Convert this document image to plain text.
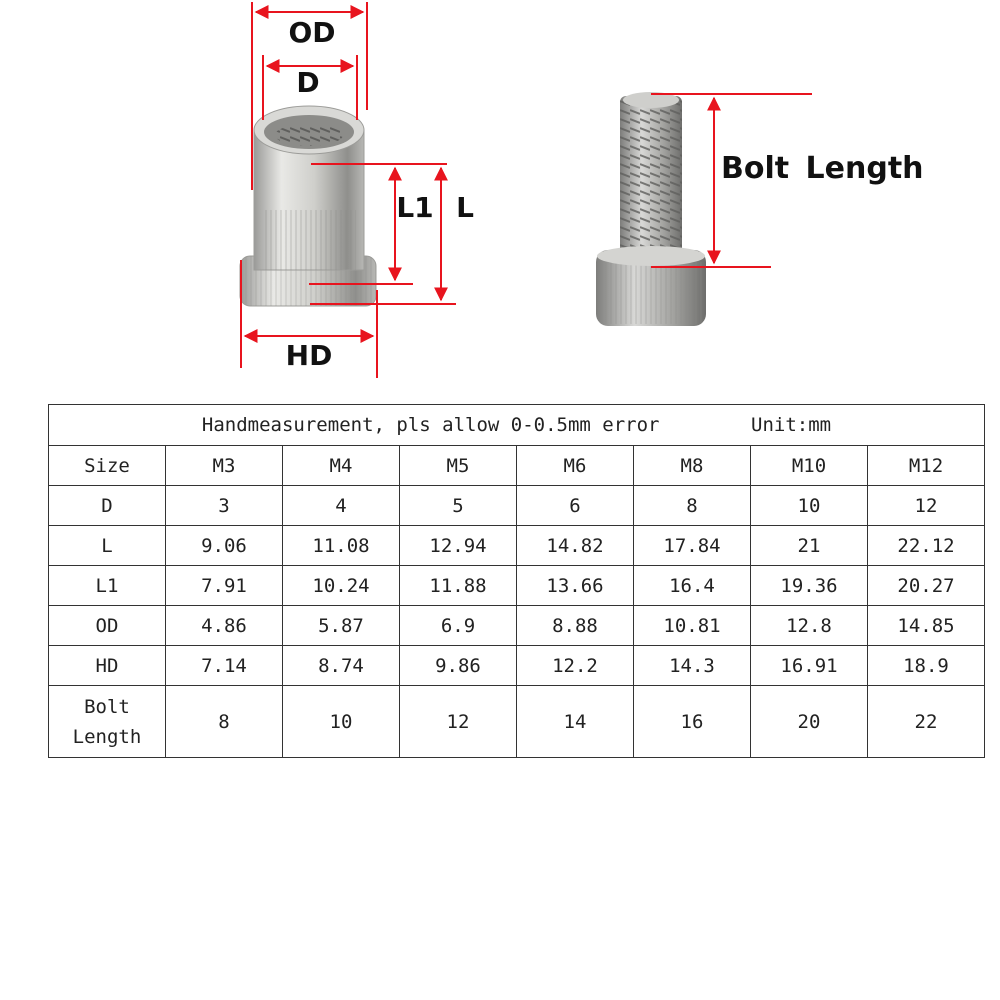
OD
D
L1 L
HD
Bolt Length
Handmeasurement, pls allow 0-0.5mm error Unit:mm							
Size	M3	M4	M5	M6	M8	M10	M12
D	3	4	5	6	8	10	12
L	9.06	11.08	12.94	14.82	17.84	21	22.12
L1	7.91	10.24	11.88	13.66	16.4	19.36	20.27
OD	4.86	5.87	6.9	8.88	10.81	12.8	14.85
HD	7.14	8.74	9.86	12.2	14.3	16.91	18.9
Bolt
Length	8	10	12	14	16	20	22
